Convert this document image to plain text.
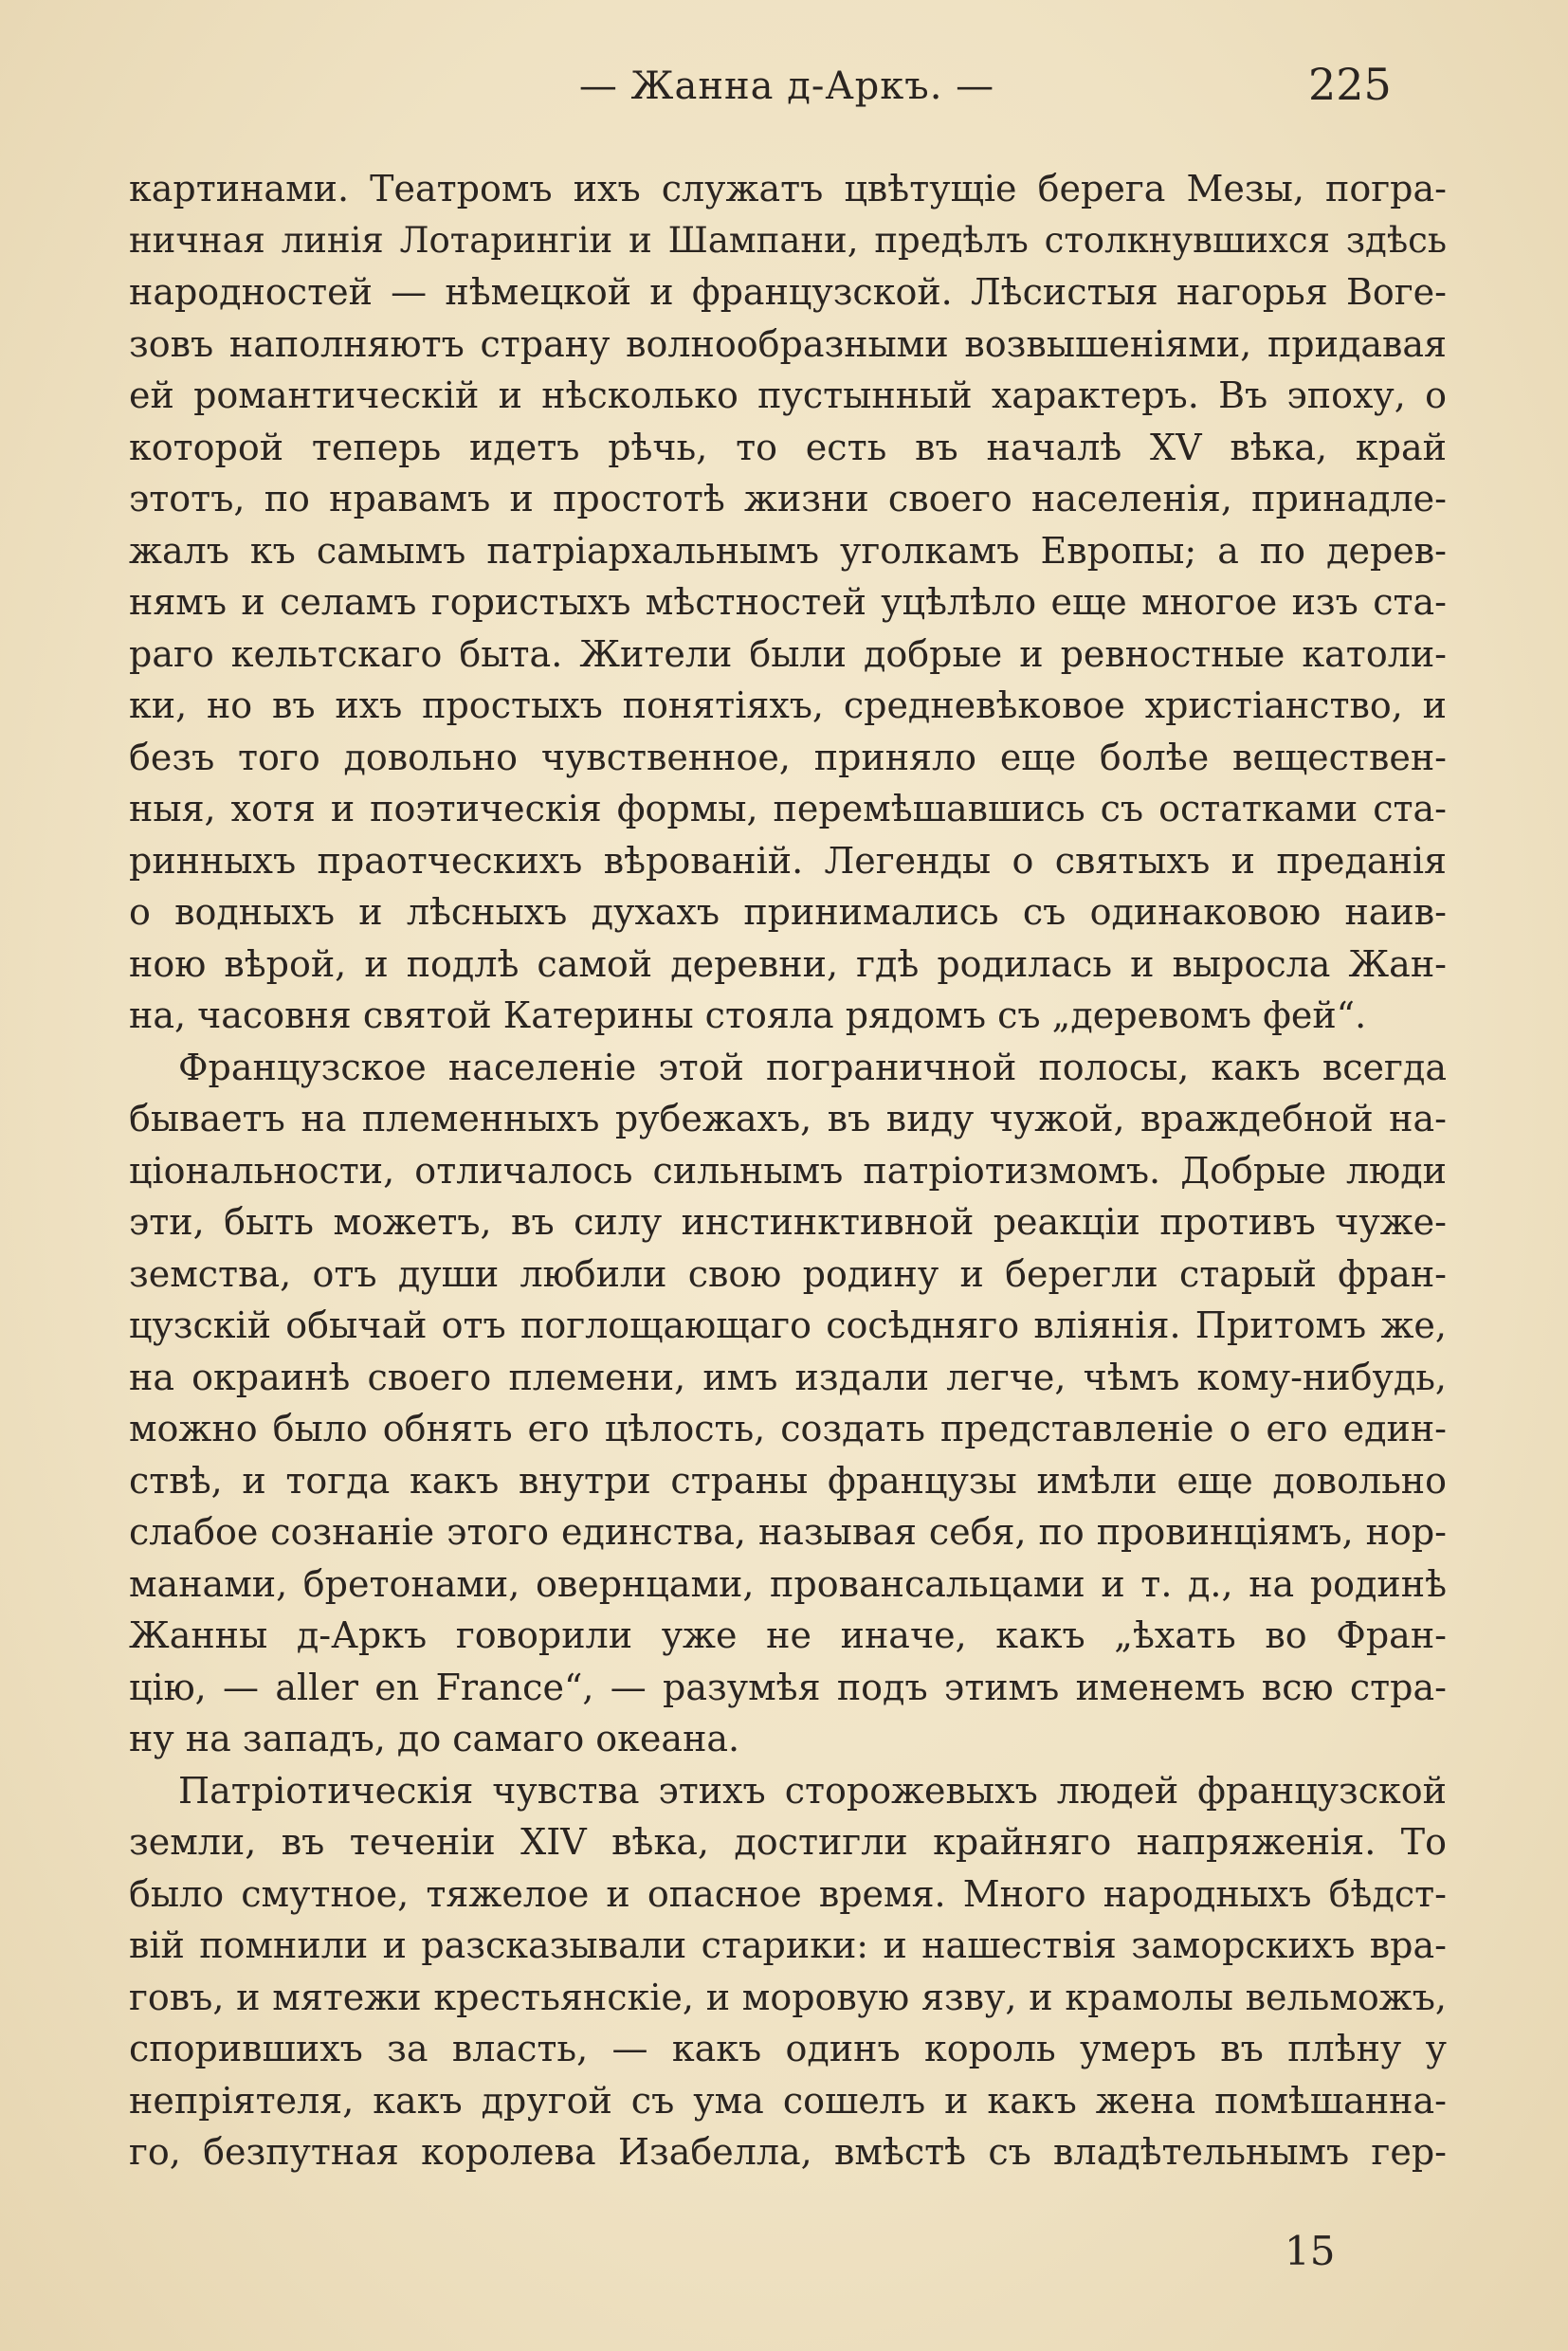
— Жанна д-Аркъ. —	225
картинами. Театромъ ихъ служатъ цвѣтущіе берега Мезы, погра-
ничная линія Лотарингіи и Шампани, предѣлъ столкнувшихся здѣсь
народностей — нѣмецкой и французской. Лѣсистыя нагорья Воге-
зовъ наполняютъ страну волнообразными возвышеніями, придавая
ей романтическій и нѣсколько пустынный характеръ. Въ эпоху, о
которой теперь идетъ рѣчь, то есть въ началѣ XV вѣка, край
этотъ, по нравамъ и простотѣ жизни своего населенія, принадле-
жалъ къ самымъ патріархальнымъ уголкамъ Европы; а по дерев-
нямъ и селамъ гористыхъ мѣстностей уцѣлѣло еще многое изъ ста-
раго кельтскаго быта. Жители были добрые и ревностные католи-
ки, но въ ихъ простыхъ понятіяхъ, средневѣковое христіанство, и
безъ того довольно чувственное, приняло еще болѣе веществен-
ныя, хотя и поэтическія формы, перемѣшавшись съ остатками ста-
ринныхъ праотческихъ вѣрованій. Легенды о святыхъ и преданія
о водныхъ и лѣсныхъ духахъ принимались съ одинаковою наив-
ною вѣрой, и подлѣ самой деревни, гдѣ родилась и выросла Жан-
на, часовня святой Катерины стояла рядомъ съ „деревомъ фей“.
Французское населеніе этой пограничной полосы, какъ всегда
бываетъ на племенныхъ рубежахъ, въ виду чужой, враждебной на-
ціональности, отличалось сильнымъ патріотизмомъ. Добрые люди
эти, быть можетъ, въ силу инстинктивной реакціи противъ чуже-
земства, отъ души любили свою родину и берегли старый фран-
цузскій обычай отъ поглощающаго сосѣдняго вліянія. Притомъ же,
на окраинѣ своего племени, имъ издали легче, чѣмъ кому-нибудь,
можно было обнять его цѣлость, создать представленіе о его един-
ствѣ, и тогда какъ внутри страны французы имѣли еще довольно
слабое сознаніе этого единства, называя себя, по провинціямъ, нор-
манами, бретонами, овернцами, провансальцами и т. д., на родинѣ
Жанны д-Аркъ говорили уже не иначе, какъ „ѣхать во Фран-
цію, — aller en France“, — разумѣя подъ этимъ именемъ всю стра-
ну на западъ, до самаго океана.
Патріотическія чувства этихъ сторожевыхъ людей французской
земли, въ теченіи XIV вѣка, достигли крайняго напряженія. То
было смутное, тяжелое и опасное время. Много народныхъ бѣдст-
вій помнили и разсказывали старики: и нашествія заморскихъ вра-
говъ, и мятежи крестьянскіе, и моровую язву, и крамолы вельможъ,
спорившихъ за власть, — какъ одинъ король умеръ въ плѣну у
непріятеля, какъ другой съ ума сошелъ и какъ жена помѣшанна-
го, безпутная королева Изабелла, вмѣстѣ съ владѣтельнымъ гер-
15
